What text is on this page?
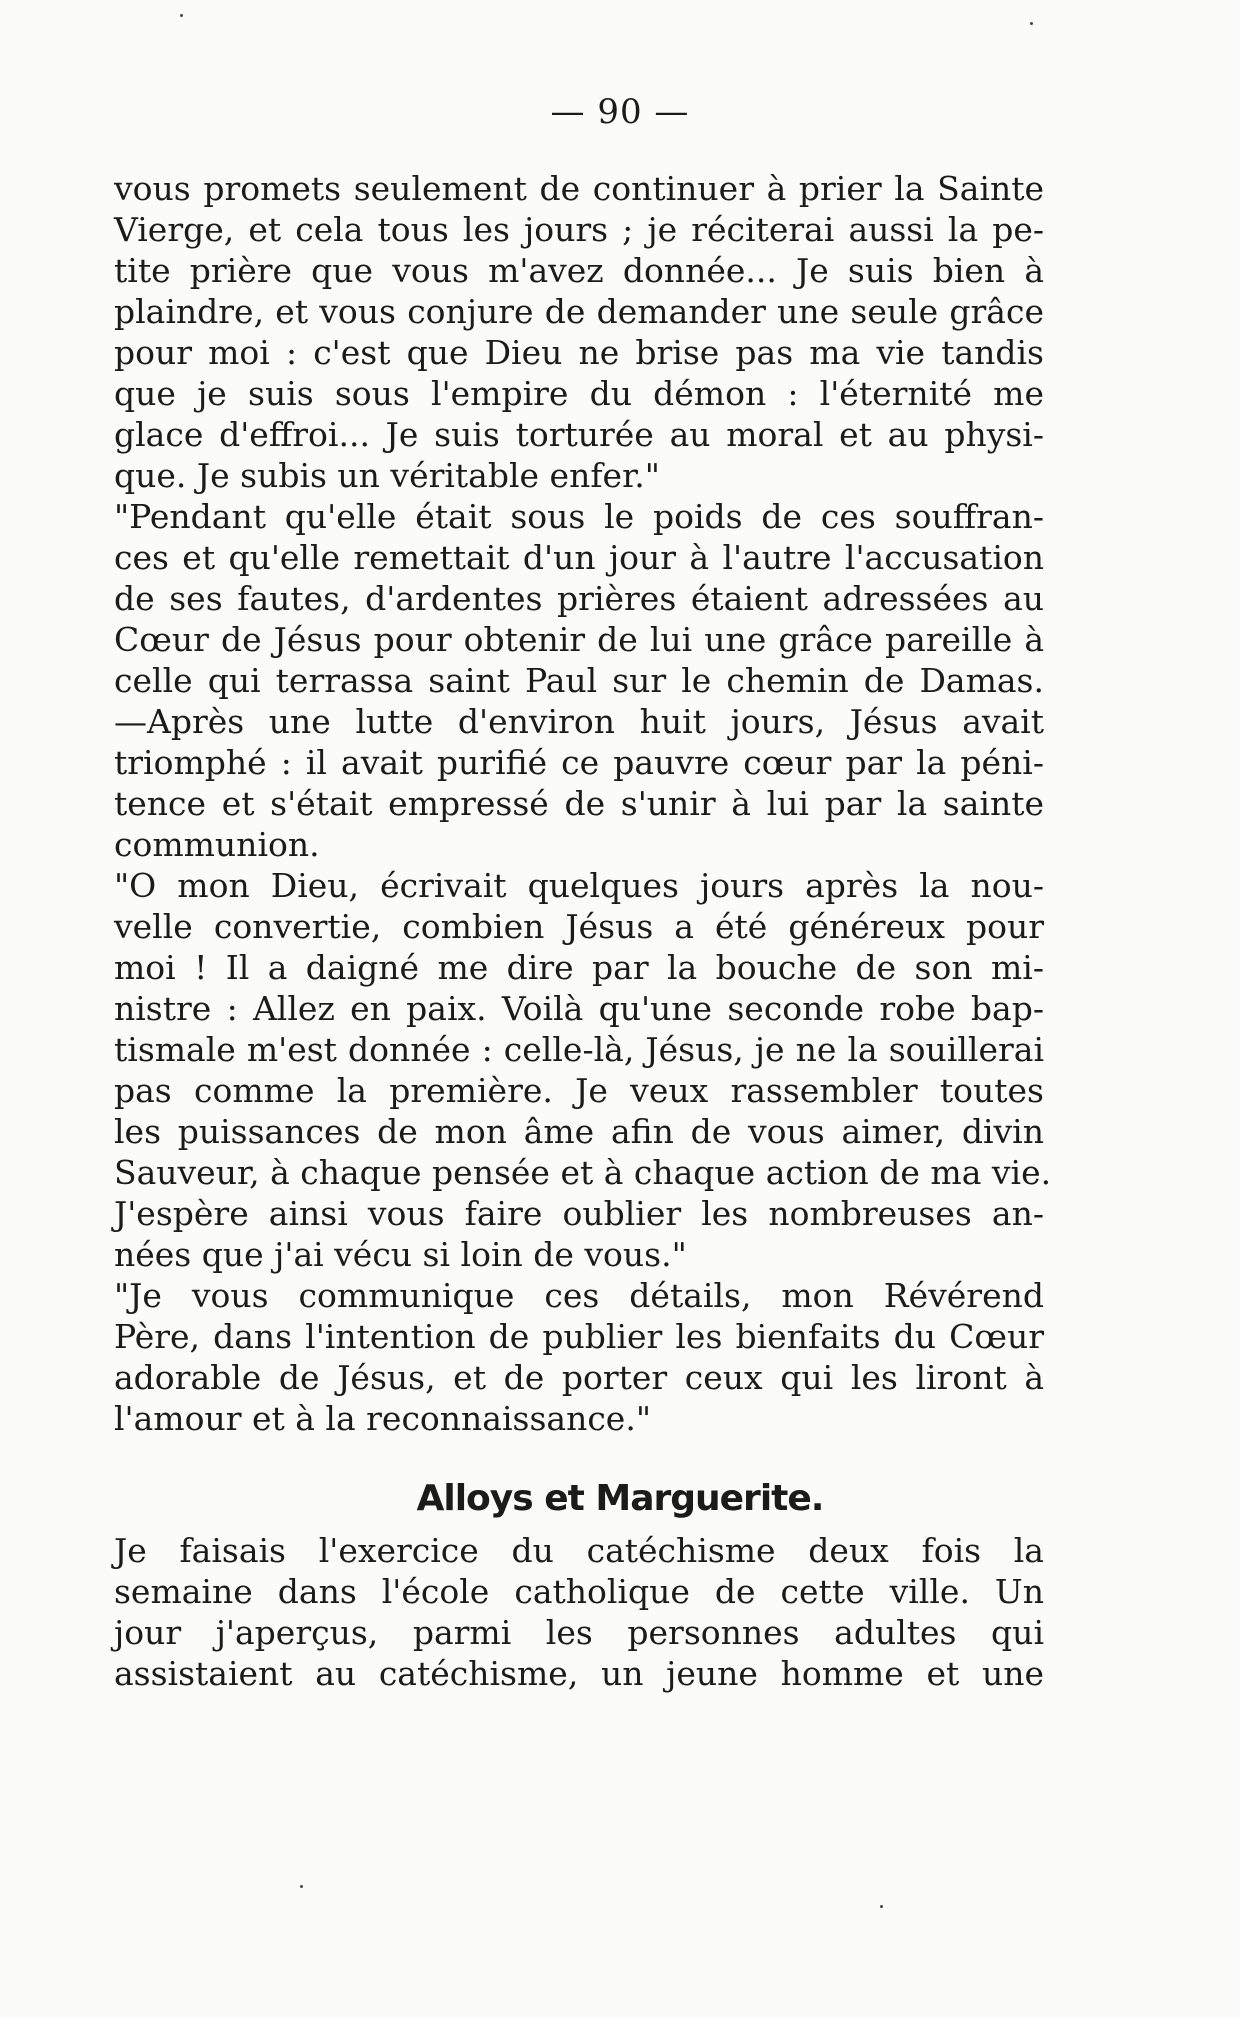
— 90 —
vous promets seulement de continuer à prier la Sainte
Vierge, et cela tous les jours ; je réciterai aussi la pe-
tite prière que vous m'avez donnée... Je suis bien à
plaindre, et vous conjure de demander une seule grâce
pour moi : c'est que Dieu ne brise pas ma vie tandis
que je suis sous l'empire du démon : l'éternité me
glace d'effroi... Je suis torturée au moral et au physi-
que. Je subis un véritable enfer."
"Pendant qu'elle était sous le poids de ces souffran-
ces et qu'elle remettait d'un jour à l'autre l'accusation
de ses fautes, d'ardentes prières étaient adressées au
Cœur de Jésus pour obtenir de lui une grâce pareille à
celle qui terrassa saint Paul sur le chemin de Damas.
—Après une lutte d'environ huit jours, Jésus avait
triomphé : il avait purifié ce pauvre cœur par la péni-
tence et s'était empressé de s'unir à lui par la sainte
communion.
"O mon Dieu, écrivait quelques jours après la nou-
velle convertie, combien Jésus a été généreux pour
moi ! Il a daigné me dire par la bouche de son mi-
nistre : Allez en paix. Voilà qu'une seconde robe bap-
tismale m'est donnée : celle-là, Jésus, je ne la souillerai
pas comme la première. Je veux rassembler toutes
les puissances de mon âme afin de vous aimer, divin
Sauveur, à chaque pensée et à chaque action de ma vie.
J'espère ainsi vous faire oublier les nombreuses an-
nées que j'ai vécu si loin de vous."
"Je vous communique ces détails, mon Révérend
Père, dans l'intention de publier les bienfaits du Cœur
adorable de Jésus, et de porter ceux qui les liront à
l'amour et à la reconnaissance."
Alloys et Marguerite.
Je faisais l'exercice du catéchisme deux fois la
semaine dans l'école catholique de cette ville. Un
jour j'aperçus, parmi les personnes adultes qui
assistaient au catéchisme, un jeune homme et une
